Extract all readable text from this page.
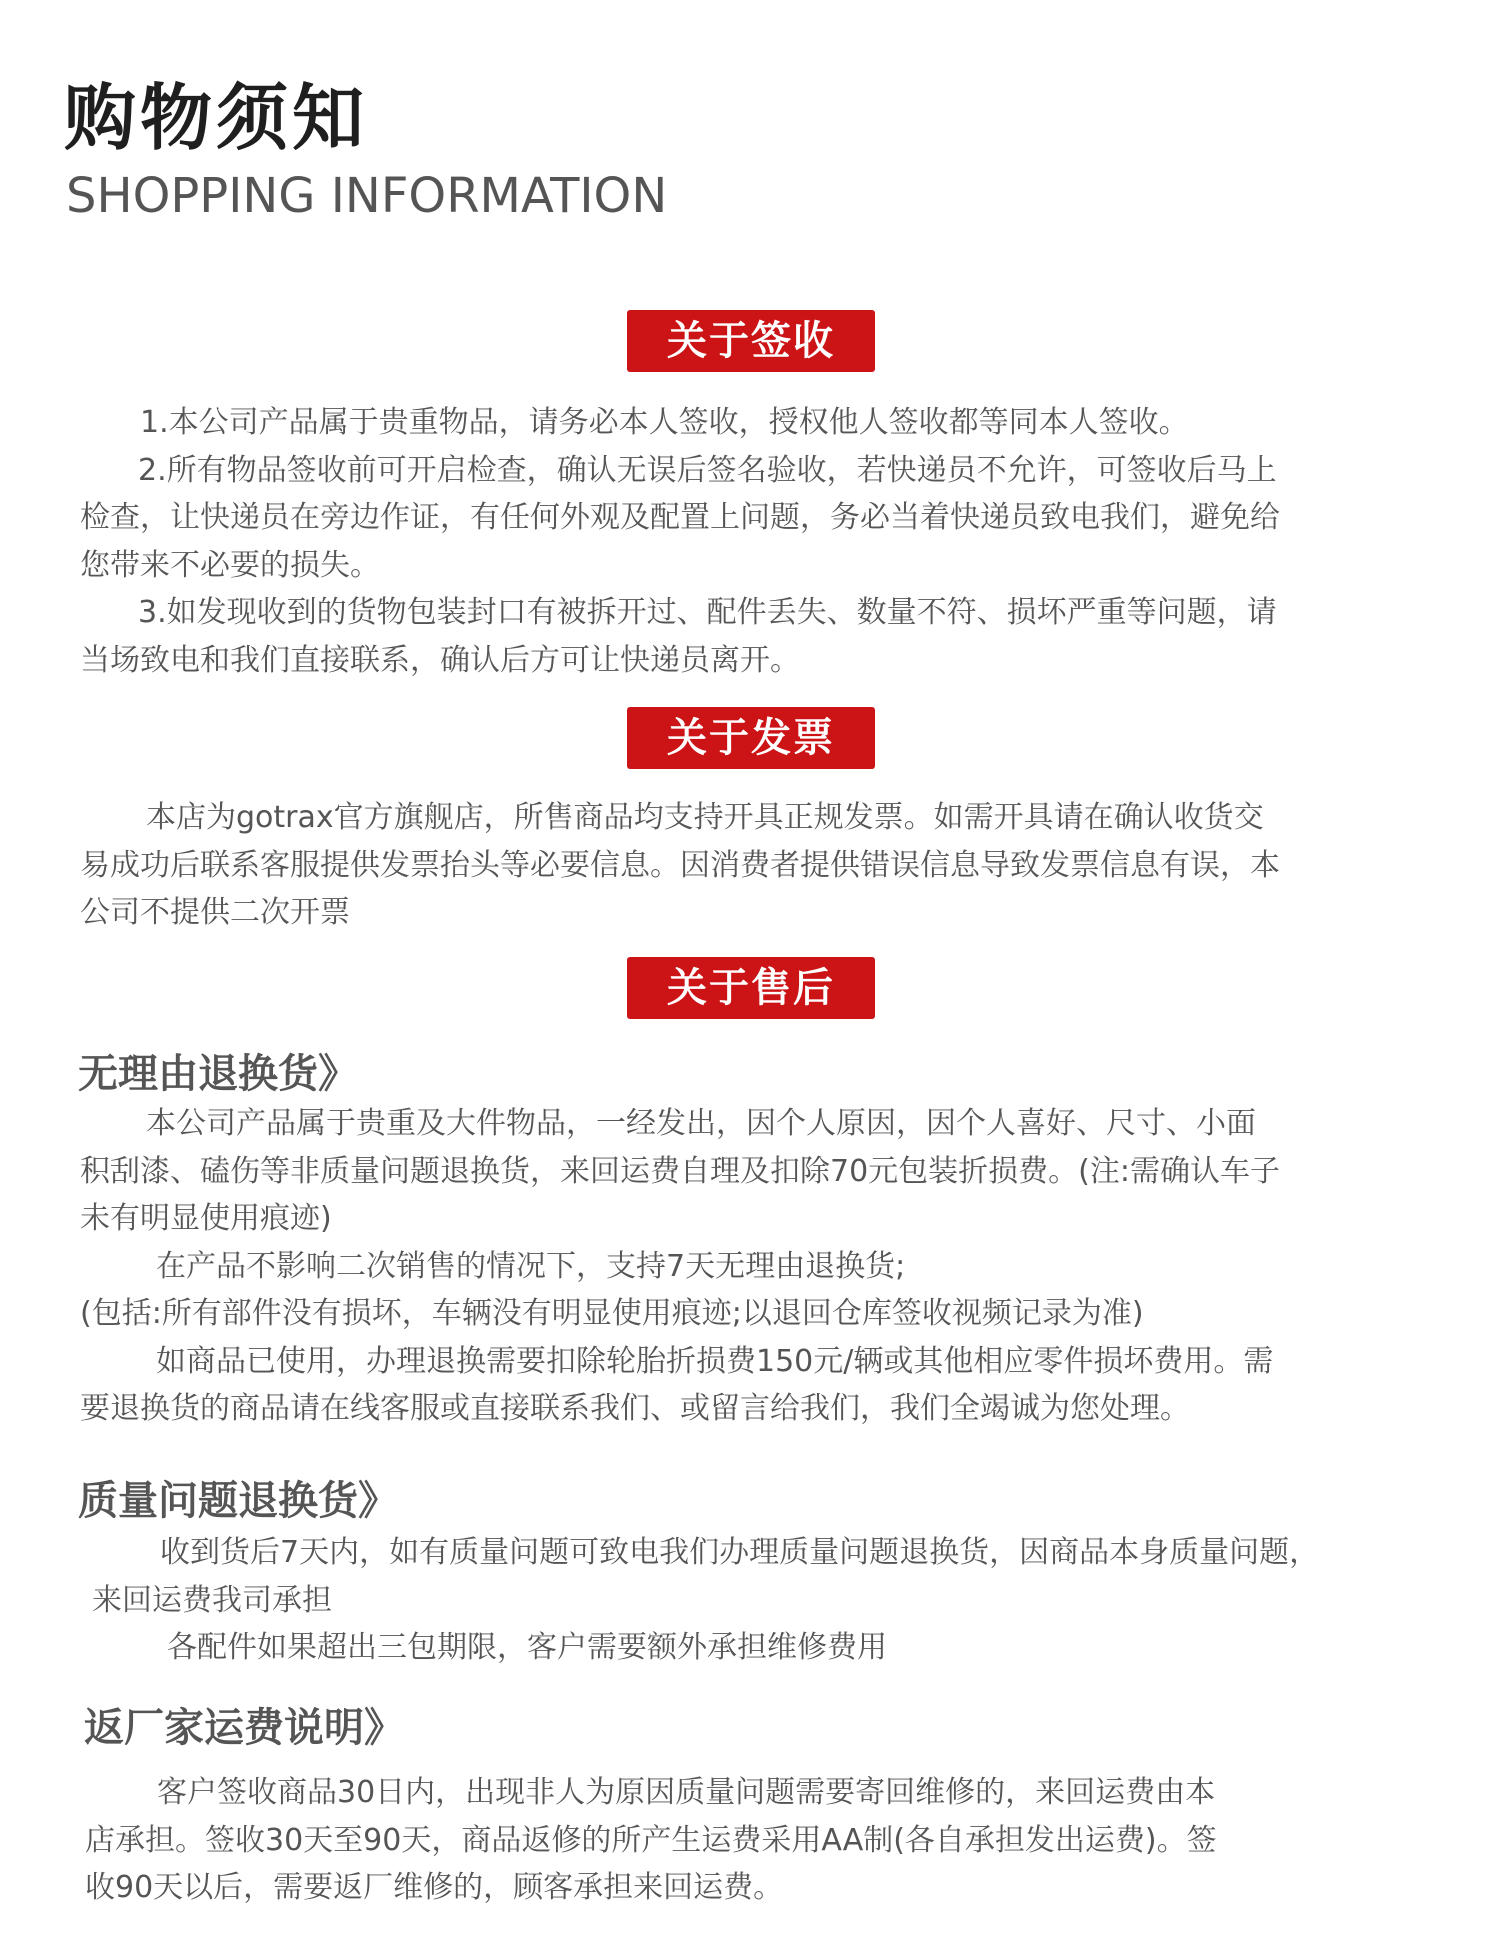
购物须知
SHOPPING INFORMATION
关于签收
1.本公司产品属于贵重物品，请务必本人签收，授权他人签收都等同本人签收。
2.所有物品签收前可开启检查，确认无误后签名验收，若快递员不允许，可签收后马上
检查，让快递员在旁边作证，有任何外观及配置上问题，务必当着快递员致电我们，避免给
您带来不必要的损失。
3.如发现收到的货物包装封口有被拆开过、配件丢失、数量不符、损坏严重等问题，请
当场致电和我们直接联系，确认后方可让快递员离开。
关于发票
本店为gotrax官方旗舰店，所售商品均支持开具正规发票。如需开具请在确认收货交
易成功后联系客服提供发票抬头等必要信息。因消费者提供错误信息导致发票信息有误，本
公司不提供二次开票
关于售后
无理由退换货》
本公司产品属于贵重及大件物品，一经发出，因个人原因，因个人喜好、尺寸、小面
积刮漆、磕伤等非质量问题退换货，来回运费自理及扣除70元包装折损费。(注:需确认车子
未有明显使用痕迹)
在产品不影响二次销售的情况下，支持7天无理由退换货;
(包括:所有部件没有损坏，车辆没有明显使用痕迹;以退回仓库签收视频记录为准)
如商品已使用，办理退换需要扣除轮胎折损费150元/辆或其他相应零件损坏费用。需
要退换货的商品请在线客服或直接联系我们、或留言给我们，我们全竭诚为您处理。
质量问题退换货》
收到货后7天内，如有质量问题可致电我们办理质量问题退换货，因商品本身质量问题，
来回运费我司承担
各配件如果超出三包期限，客户需要额外承担维修费用
返厂家运费说明》
客户签收商品30日内，出现非人为原因质量问题需要寄回维修的，来回运费由本
店承担。签收30天至90天，商品返修的所产生运费采用AA制(各自承担发出运费)。签
收90天以后，需要返厂维修的，顾客承担来回运费。
